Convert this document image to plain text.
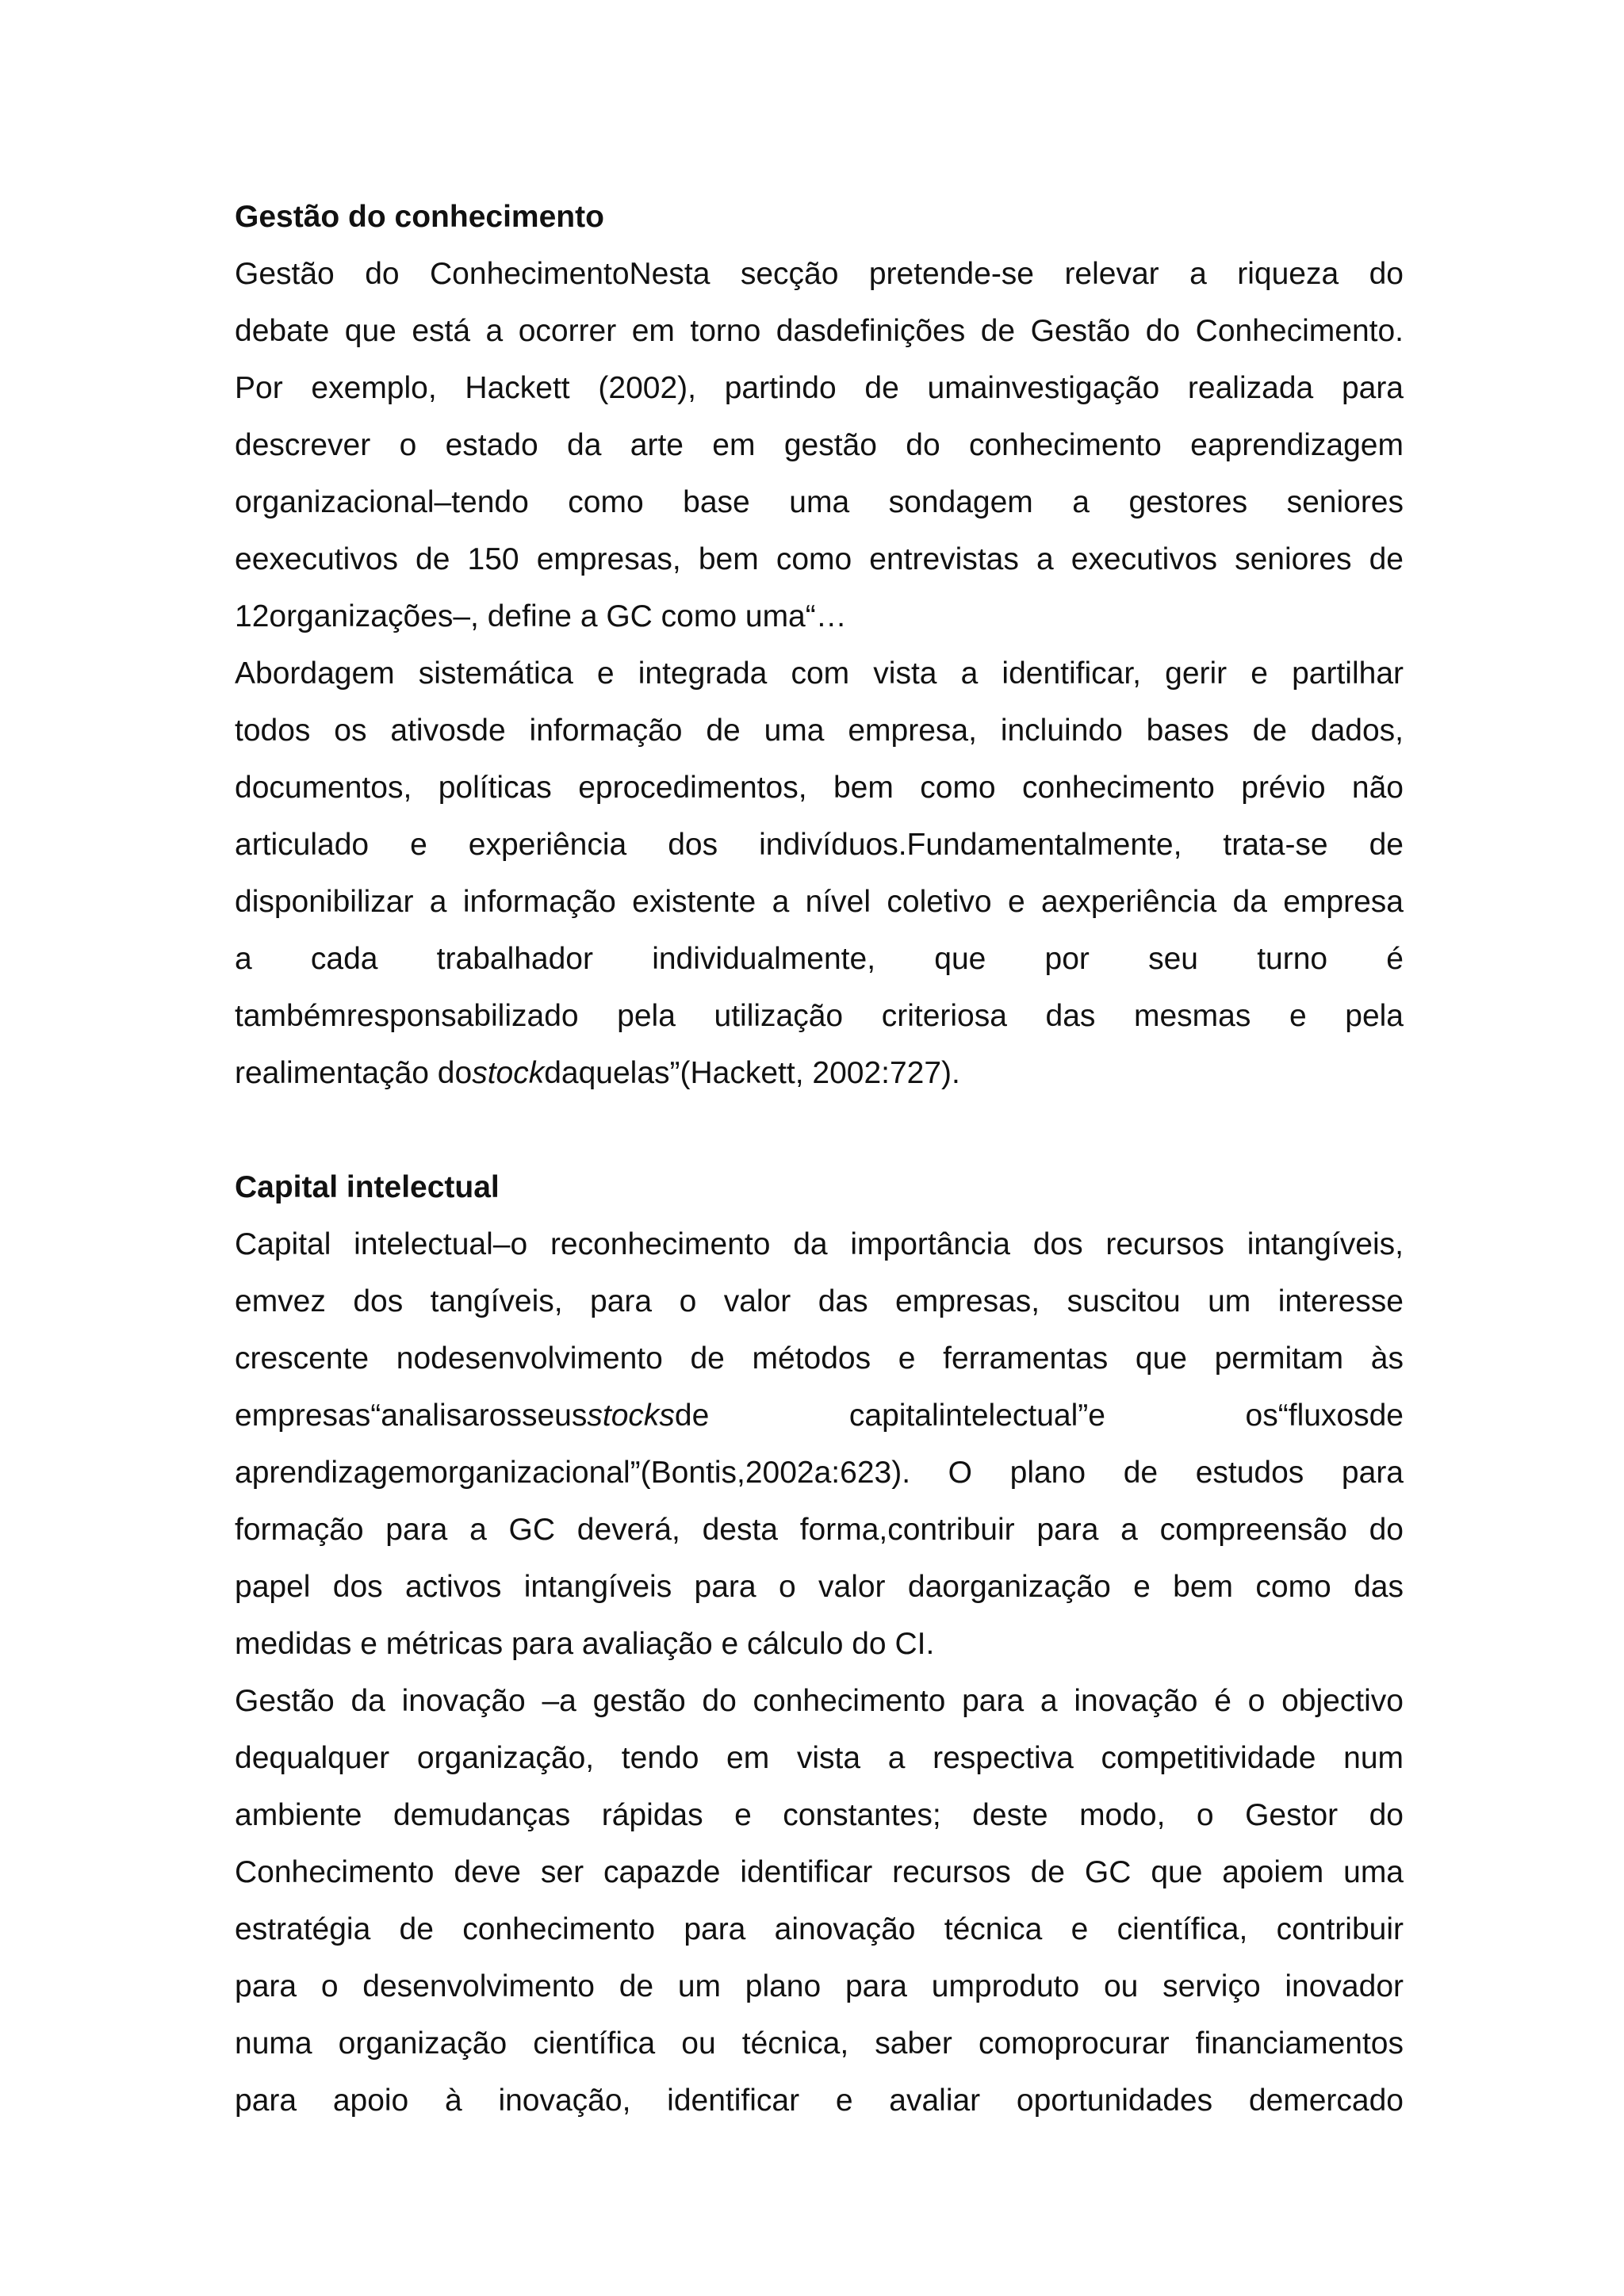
Gestão do conhecimento
Gestão do ConhecimentoNesta secção pretende-se relevar a riqueza do
debate que está a ocorrer em torno dasdefinições de Gestão do Conhecimento.
Por exemplo, Hackett (2002), partindo de umainvestigação realizada para
descrever o estado da arte em gestão do conhecimento eaprendizagem
organizacional–tendo como base uma sondagem a gestores seniores
eexecutivos de 150 empresas, bem como entrevistas a executivos seniores de
12organizações–, define a GC como uma“…
Abordagem sistemática e integrada com vista a identificar, gerir e partilhar
todos os ativosde informação de uma empresa, incluindo bases de dados,
documentos, políticas eprocedimentos, bem como conhecimento prévio não
articulado e experiência dos indivíduos.Fundamentalmente, trata-se de
disponibilizar a informação existente a nível coletivo e aexperiência da empresa
a cada trabalhador individualmente, que por seu turno é
tambémresponsabilizado pela utilização criteriosa das mesmas e pela
realimentação dostockdaquelas”(Hackett, 2002:727).
Capital intelectual
Capital intelectual–o reconhecimento da importância dos recursos intangíveis,
emvez dos tangíveis, para o valor das empresas, suscitou um interesse
crescente nodesenvolvimento de métodos e ferramentas que permitam às
empresas“analisarosseusstocksde capitalintelectual”e os“fluxosde
aprendizagemorganizacional”(Bontis,2002a:623). O plano de estudos para
formação para a GC deverá, desta forma,contribuir para a compreensão do
papel dos activos intangíveis para o valor daorganização e bem como das
medidas e métricas para avaliação e cálculo do CI.
Gestão da inovação –a gestão do conhecimento para a inovação é o objectivo
dequalquer organização, tendo em vista a respectiva competitividade num
ambiente demudanças rápidas e constantes; deste modo, o Gestor do
Conhecimento deve ser capazde identificar recursos de GC que apoiem uma
estratégia de conhecimento para ainovação técnica e científica, contribuir
para o desenvolvimento de um plano para umproduto ou serviço inovador
numa organização científica ou técnica, saber comoprocurar financiamentos
para apoio à inovação, identificar e avaliar oportunidades demercado
